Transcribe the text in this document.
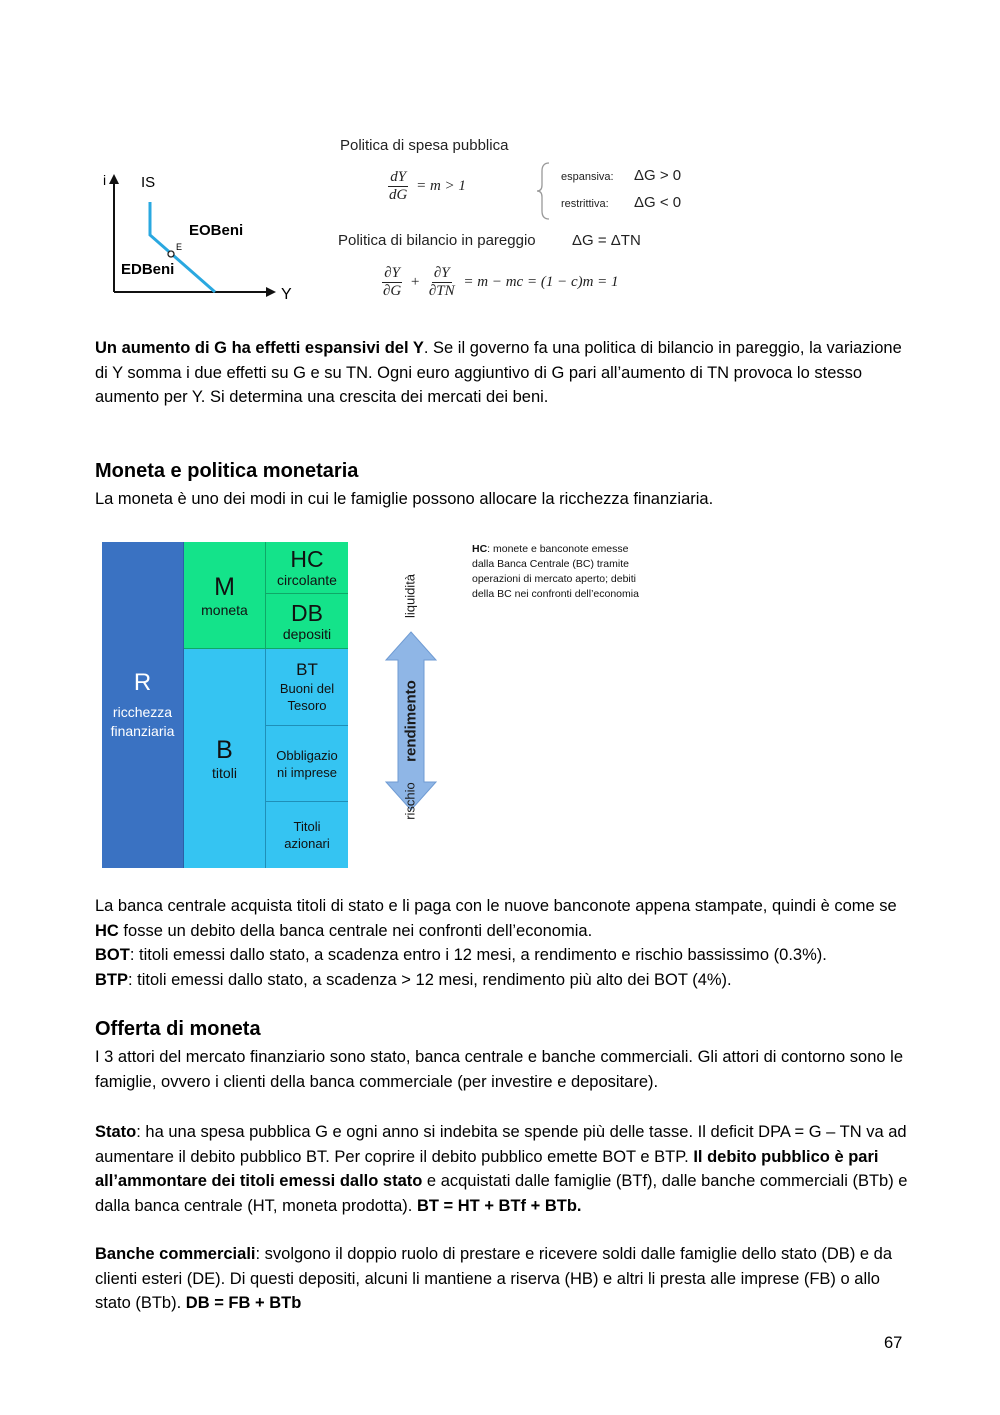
i
Y
IS
EOBeni
EDBeni
E
Politica di spesa pubblica
$\frac{dY}{dG} = m > 1$
espansiva: ΔG > 0
restrittiva: ΔG < 0
Politica di bilancio in pareggio ΔG = ΔTN
$\frac{\partial Y}{\partial G} + \frac{\partial Y}{\partial TN} = m$ − mc = (1 − c)m = 1
Un aumento di G ha effetti espansivi del Y. Se il governo fa una politica di bilancio in pareggio, la variazione di Y somma i due effetti su G e su TN. Ogni euro aggiuntivo di G pari all’aumento di TN provoca lo stesso aumento per Y. Si determina una crescita dei mercati dei beni.
Moneta e politica monetaria
La moneta è uno dei modi in cui le famiglie possono allocare la ricchezza finanziaria.
R
ricchezza
finanziaria
M
moneta
B
titoli
HC
circolante
DB
depositi
BT
Buoni del
Tesoro
Obbligazio
ni imprese
Titoli
azionari
rendimento
liquidità
rischio
HC: monete e banconote emesse
dalla Banca Centrale (BC) tramite
operazioni di mercato aperto; debiti
della BC nei confronti dell’economia
La banca centrale acquista titoli di stato e li paga con le nuove banconote appena stampate, quindi è come se HC fosse un debito della banca centrale nei confronti dell’economia.
BOT: titoli emessi dallo stato, a scadenza entro i 12 mesi, a rendimento e rischio bassissimo (0.3%).
BTP: titoli emessi dallo stato, a scadenza > 12 mesi, rendimento più alto dei BOT (4%).
Offerta di moneta
I 3 attori del mercato finanziario sono stato, banca centrale e banche commerciali. Gli attori di contorno sono le famiglie, ovvero i clienti della banca commerciale (per investire e depositare).
Stato: ha una spesa pubblica G e ogni anno si indebita se spende più delle tasse. Il deficit DPA = G – TN va ad aumentare il debito pubblico BT. Per coprire il debito pubblico emette BOT e BTP. Il debito pubblico è pari all’ammontare dei titoli emessi dallo stato e acquistati dalle famiglie (BTf), dalle banche commerciali (BTb) e dalla banca centrale (HT, moneta prodotta). BT = HT + BTf + BTb.
Banche commerciali: svolgono il doppio ruolo di prestare e ricevere soldi dalle famiglie dello stato (DB) e da clienti esteri (DE). Di questi depositi, alcuni li mantiene a riserva (HB) e altri li presta alle imprese (FB) o allo stato (BTb). DB = FB + BTb
67
